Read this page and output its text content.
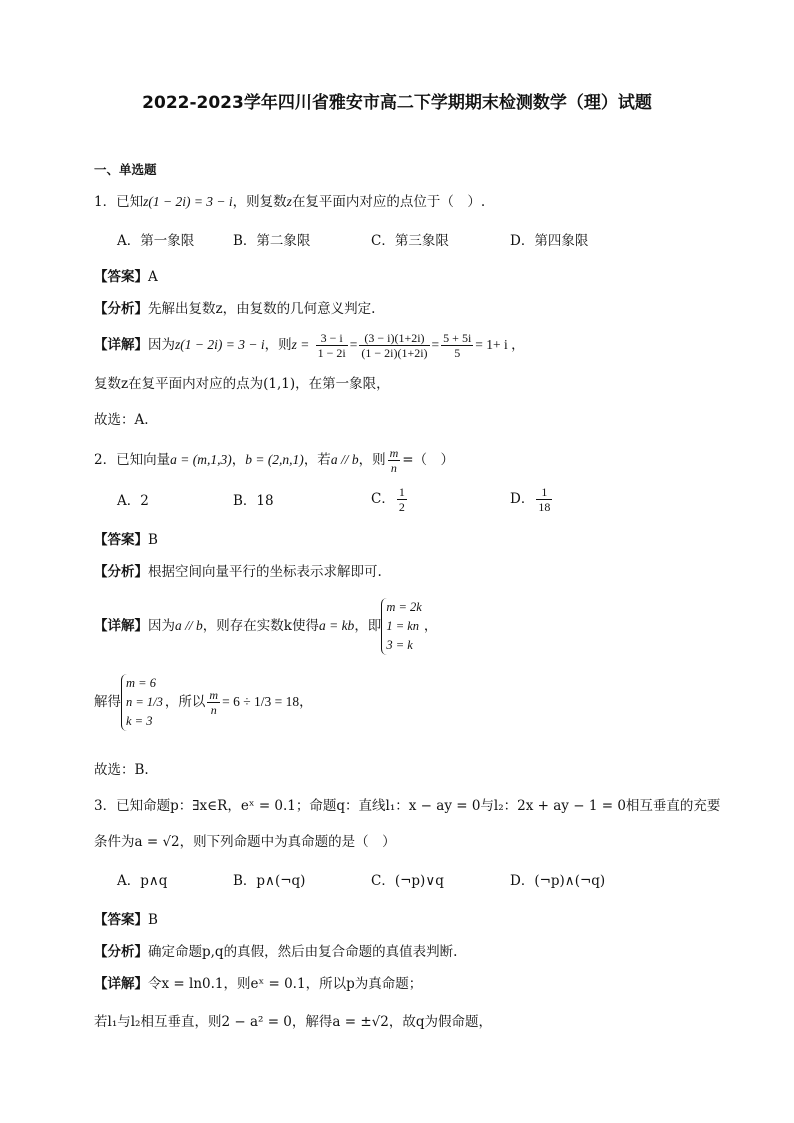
2022-2023学年四川省雅安市高二下学期期末检测数学（理）试题
一、单选题
1．已知z(1 − 2i) = 3 − i，则复数z在复平面内对应的点位于（　）.
A．第一象限	B．第二象限	C．第三象限	D．第四象限
【答案】A
【分析】先解出复数z，由复数的几何意义判定.
【详解】因为z(1 − 2i) = 3 − i，则$z = \frac{3 - i}{1 - 2i} = \frac{(3 - i)(1+2i)}{(1 - 2i)(1+2i)} = \frac{5 + 5i}{5} = 1+ i$ ，
复数z在复平面内对应的点为(1,1)，在第一象限，
故选：A.
2．已知向量a = (m,1,3)，b = (2,n,1)，若a // b，则 $\frac{m}{n}$ =（　）
A．2	B．18	C． $\frac{1}{2}$	D． $\frac{1}{18}$
【答案】B
【分析】根据空间向量平行的坐标表示求解即可.
【详解】因为a // b，则存在实数k使得a = kb，即
m = 2k
1 = kn
3 = k
，
解得
m = 6
n = 1/3
k = 3
，所以 $\frac{m}{n} = 6 \div 1/3 = 18$，
故选：B.
3．已知命题p：∃x∈R，eˣ = 0.1；命题q：直线l₁：x − ay = 0与l₂：2x + ay − 1 = 0相互垂直的充要
条件为a = √2，则下列命题中为真命题的是（　）
A．p∧q	B．p∧(¬q)	C．(¬p)∨q	D．(¬p)∧(¬q)
【答案】B
【分析】确定命题p,q的真假，然后由复合命题的真值表判断.
【详解】令x = ln0.1，则eˣ = 0.1，所以p为真命题；
若l₁与l₂相互垂直，则2 − a² = 0，解得a = ±√2，故q为假命题，
